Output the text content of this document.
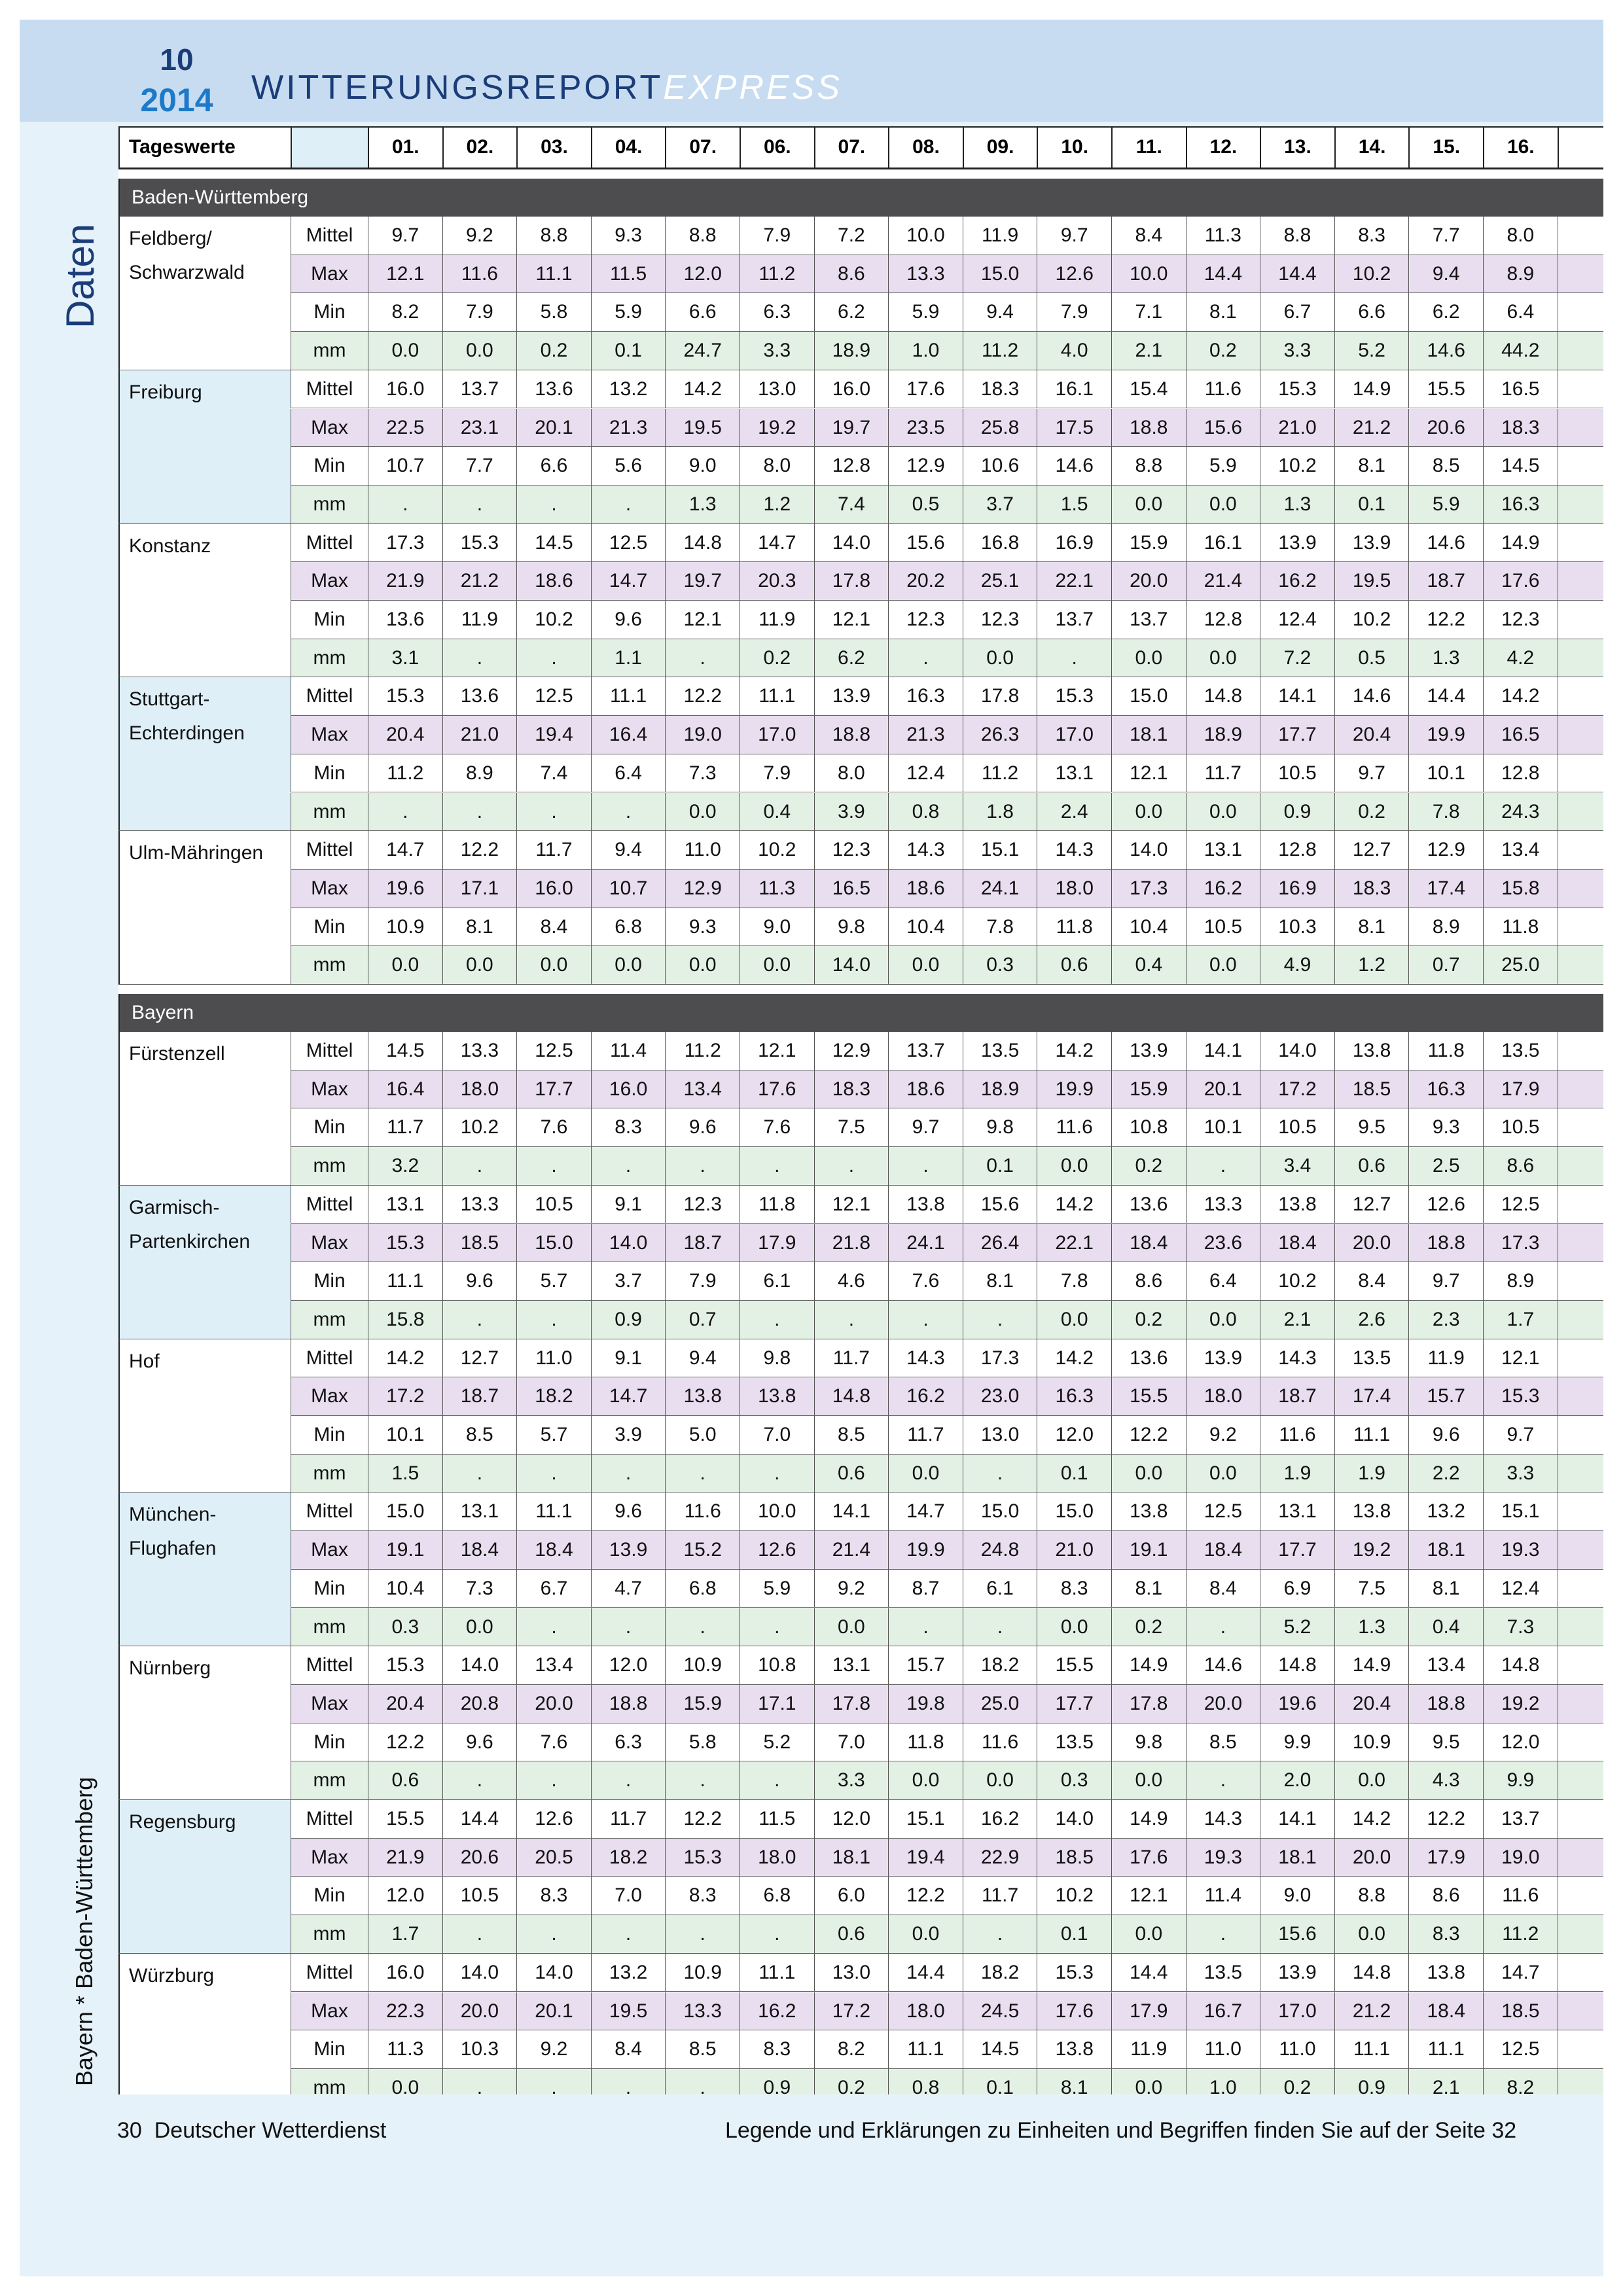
10
2014 WITTERUNGSREPORTEXPRESS
Daten
Bayern * Baden-Württemberg
Tageswerte	01.	02.	03.	04.	07.	06.	07.	08.	09.	10.	11.	12.	13.	14.	15.	16.
Baden-Württemberg
Feldberg/ Schwarzwald
Mittel	9.7	9.2	8.8	9.3	8.8	7.9	7.2	10.0	11.9	9.7	8.4	11.3	8.8	8.3	7.7	8.0
Max	12.1	11.6	11.1	11.5	12.0	11.2	8.6	13.3	15.0	12.6	10.0	14.4	14.4	10.2	9.4	8.9
Min	8.2	7.9	5.8	5.9	6.6	6.3	6.2	5.9	9.4	7.9	7.1	8.1	6.7	6.6	6.2	6.4
mm	0.0	0.0	0.2	0.1	24.7	3.3	18.9	1.0	11.2	4.0	2.1	0.2	3.3	5.2	14.6	44.2
Freiburg	Mittel	16.0	13.7	13.6	13.2	14.2	13.0	16.0	17.6	18.3	16.1	15.4	11.6	15.3	14.9	15.5	16.5
Max	22.5	23.1	20.1	21.3	19.5	19.2	19.7	23.5	25.8	17.5	18.8	15.6	21.0	21.2	20.6	18.3
Min	10.7	7.7	6.6	5.6	9.0	8.0	12.8	12.9	10.6	14.6	8.8	5.9	10.2	8.1	8.5	14.5
mm	.	.	.	.	1.3	1.2	7.4	0.5	3.7	1.5	0.0	0.0	1.3	0.1	5.9	16.3
Konstanz	Mittel	17.3	15.3	14.5	12.5	14.8	14.7	14.0	15.6	16.8	16.9	15.9	16.1	13.9	13.9	14.6	14.9
Max	21.9	21.2	18.6	14.7	19.7	20.3	17.8	20.2	25.1	22.1	20.0	21.4	16.2	19.5	18.7	17.6
Min	13.6	11.9	10.2	9.6	12.1	11.9	12.1	12.3	12.3	13.7	13.7	12.8	12.4	10.2	12.2	12.3
mm	3.1	.	.	1.1	.	0.2	6.2	.	0.0	.	0.0	0.0	7.2	0.5	1.3	4.2
Stuttgart-Echterdingen
Mittel	15.3	13.6	12.5	11.1	12.2	11.1	13.9	16.3	17.8	15.3	15.0	14.8	14.1	14.6	14.4	14.2
Max	20.4	21.0	19.4	16.4	19.0	17.0	18.8	21.3	26.3	17.0	18.1	18.9	17.7	20.4	19.9	16.5
Min	11.2	8.9	7.4	6.4	7.3	7.9	8.0	12.4	11.2	13.1	12.1	11.7	10.5	9.7	10.1	12.8
mm	.	.	.	.	0.0	0.4	3.9	0.8	1.8	2.4	0.0	0.0	0.9	0.2	7.8	24.3
Ulm-Mähringen	Mittel	14.7	12.2	11.7	9.4	11.0	10.2	12.3	14.3	15.1	14.3	14.0	13.1	12.8	12.7	12.9	13.4
Max	19.6	17.1	16.0	10.7	12.9	11.3	16.5	18.6	24.1	18.0	17.3	16.2	16.9	18.3	17.4	15.8
Min	10.9	8.1	8.4	6.8	9.3	9.0	9.8	10.4	7.8	11.8	10.4	10.5	10.3	8.1	8.9	11.8
mm	0.0	0.0	0.0	0.0	0.0	0.0	14.0	0.0	0.3	0.6	0.4	0.0	4.9	1.2	0.7	25.0
Bayern
Fürstenzell	Mittel	14.5	13.3	12.5	11.4	11.2	12.1	12.9	13.7	13.5	14.2	13.9	14.1	14.0	13.8	11.8	13.5
Max	16.4	18.0	17.7	16.0	13.4	17.6	18.3	18.6	18.9	19.9	15.9	20.1	17.2	18.5	16.3	17.9
Min	11.7	10.2	7.6	8.3	9.6	7.6	7.5	9.7	9.8	11.6	10.8	10.1	10.5	9.5	9.3	10.5
mm	3.2	.	.	.	.	.	.	.	0.1	0.0	0.2	.	3.4	0.6	2.5	8.6
Garmisch- Partenkirchen
Mittel	13.1	13.3	10.5	9.1	12.3	11.8	12.1	13.8	15.6	14.2	13.6	13.3	13.8	12.7	12.6	12.5
Max	15.3	18.5	15.0	14.0	18.7	17.9	21.8	24.1	26.4	22.1	18.4	23.6	18.4	20.0	18.8	17.3
Min	11.1	9.6	5.7	3.7	7.9	6.1	4.6	7.6	8.1	7.8	8.6	6.4	10.2	8.4	9.7	8.9
mm	15.8	.	.	0.9	0.7	.	.	.	.	0.0	0.2	0.0	2.1	2.6	2.3	1.7
Hof	Mittel	14.2	12.7	11.0	9.1	9.4	9.8	11.7	14.3	17.3	14.2	13.6	13.9	14.3	13.5	11.9	12.1
Max	17.2	18.7	18.2	14.7	13.8	13.8	14.8	16.2	23.0	16.3	15.5	18.0	18.7	17.4	15.7	15.3
Min	10.1	8.5	5.7	3.9	5.0	7.0	8.5	11.7	13.0	12.0	12.2	9.2	11.6	11.1	9.6	9.7
mm	1.5	.	.	.	.	.	0.6	0.0	.	0.1	0.0	0.0	1.9	1.9	2.2	3.3
München-Flughafen
Mittel	15.0	13.1	11.1	9.6	11.6	10.0	14.1	14.7	15.0	15.0	13.8	12.5	13.1	13.8	13.2	15.1
Max	19.1	18.4	18.4	13.9	15.2	12.6	21.4	19.9	24.8	21.0	19.1	18.4	17.7	19.2	18.1	19.3
Min	10.4	7.3	6.7	4.7	6.8	5.9	9.2	8.7	6.1	8.3	8.1	8.4	6.9	7.5	8.1	12.4
mm	0.3	0.0	.	.	.	.	0.0	.	.	0.0	0.2	.	5.2	1.3	0.4	7.3
Nürnberg	Mittel	15.3	14.0	13.4	12.0	10.9	10.8	13.1	15.7	18.2	15.5	14.9	14.6	14.8	14.9	13.4	14.8
Max	20.4	20.8	20.0	18.8	15.9	17.1	17.8	19.8	25.0	17.7	17.8	20.0	19.6	20.4	18.8	19.2
Min	12.2	9.6	7.6	6.3	5.8	5.2	7.0	11.8	11.6	13.5	9.8	8.5	9.9	10.9	9.5	12.0
mm	0.6	.	.	.	.	.	3.3	0.0	0.0	0.3	0.0	.	2.0	0.0	4.3	9.9
Regensburg	Mittel	15.5	14.4	12.6	11.7	12.2	11.5	12.0	15.1	16.2	14.0	14.9	14.3	14.1	14.2	12.2	13.7
Max	21.9	20.6	20.5	18.2	15.3	18.0	18.1	19.4	22.9	18.5	17.6	19.3	18.1	20.0	17.9	19.0
Min	12.0	10.5	8.3	7.0	8.3	6.8	6.0	12.2	11.7	10.2	12.1	11.4	9.0	8.8	8.6	11.6
mm	1.7	.	.	.	.	.	0.6	0.0	.	0.1	0.0	.	15.6	0.0	8.3	11.2
Würzburg	Mittel	16.0	14.0	14.0	13.2	10.9	11.1	13.0	14.4	18.2	15.3	14.4	13.5	13.9	14.8	13.8	14.7
Max	22.3	20.0	20.1	19.5	13.3	16.2	17.2	18.0	24.5	17.6	17.9	16.7	17.0	21.2	18.4	18.5
Min	11.3	10.3	9.2	8.4	8.5	8.3	8.2	11.1	14.5	13.8	11.9	11.0	11.0	11.1	11.1	12.5
mm	0.0	.	.	.	.	0.9	0.2	0.8	0.1	8.1	0.0	1.0	0.2	0.9	2.1	8.2
30 Deutscher Wetterdienst	Legende und Erklärungen zu Einheiten und Begriffen finden Sie auf der Seite 32
